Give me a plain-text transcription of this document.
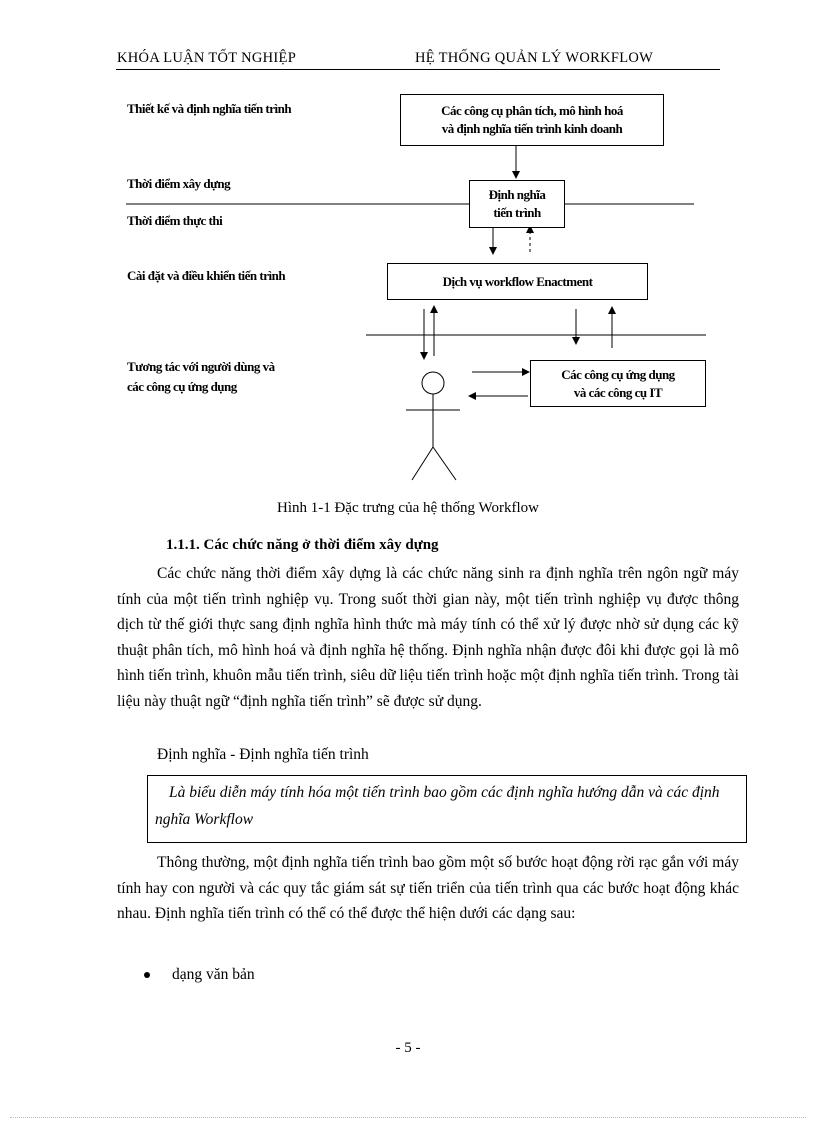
KHÓA LUẬN TỐT NGHIỆP	HỆ THỐNG QUẢN LÝ WORKFLOW
Thiết kế và định nghĩa tiến trình
Thời điểm xây dựng
Thời điểm thực thi
Cài đặt và điều khiển tiến trình
Tương tác với người dùng và
các công cụ ứng dụng
Các công cụ phân tích, mô hình hoá
và định nghĩa tiến trình kinh doanh
Định nghĩa
tiến trình
Dịch vụ workflow Enactment
Các công cụ ứng dụng
và các công cụ IT
Hình 1-1 Đặc trưng của hệ thống Workflow
1.1.1. Các chức năng ở thời điểm xây dựng
Các chức năng thời điểm xây dựng là các chức năng sinh ra định nghĩa trên ngôn ngữ máy tính của một tiến trình nghiệp vụ. Trong suốt thời gian này, một tiến trình nghiệp vụ được thông dịch từ thế giới thực sang định nghĩa hình thức mà máy tính có thể xử lý được nhờ sử dụng các kỹ thuật phân tích, mô hình hoá và định nghĩa hệ thống. Định nghĩa nhận được đôi khi được gọi là mô hình tiến trình, khuôn mẫu tiến trình, siêu dữ liệu tiến trình hoặc một định nghĩa tiến trình. Trong tài liệu này thuật ngữ “định nghĩa tiến trình” sẽ được sử dụng.
Định nghĩa - Định nghĩa tiến trình
Là biểu diễn máy tính hóa một tiến trình bao gồm các định nghĩa hướng dẫn và các định nghĩa Workflow
Thông thường, một định nghĩa tiến trình bao gồm một số bước hoạt động rời rạc gắn với máy tính hay con người và các quy tắc giám sát sự tiến triển của tiến trình qua các bước hoạt động khác nhau. Định nghĩa tiến trình có thể có thể được thể hiện dưới các dạng sau:
dạng văn bản
- 5 -
